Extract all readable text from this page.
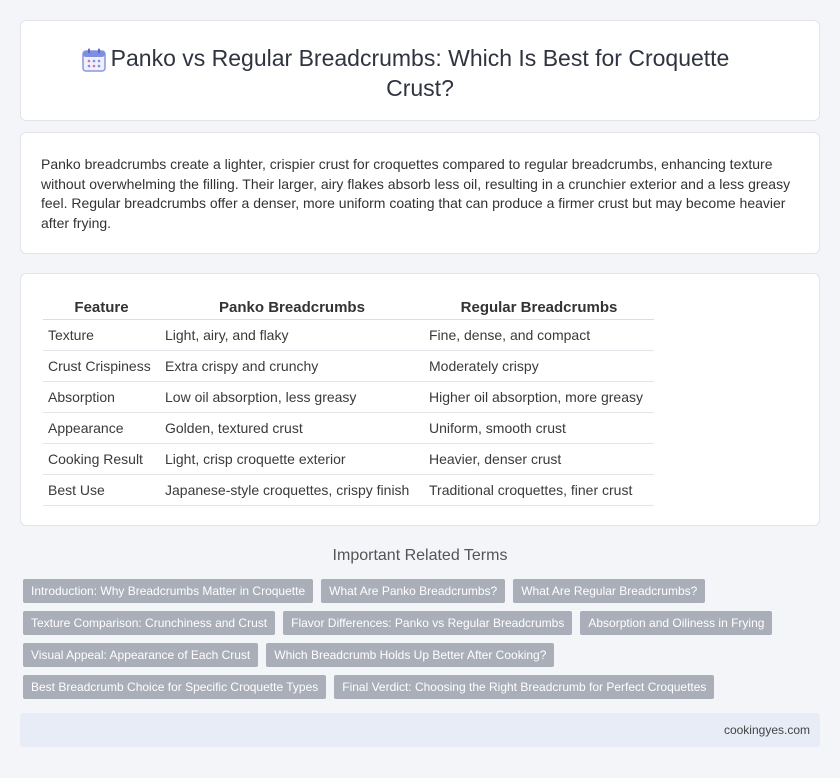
Panko vs Regular Breadcrumbs: Which Is Best for Croquette Crust?

Panko breadcrumbs create a lighter, crispier crust for croquettes compared to regular breadcrumbs, enhancing texture without overwhelming the filling. Their larger, airy flakes absorb less oil, resulting in a crunchier exterior and a less greasy feel. Regular breadcrumbs offer a denser, more uniform coating that can produce a firmer crust but may become heavier after frying.

Feature	Panko Breadcrumbs	Regular Breadcrumbs
Texture	Light, airy, and flaky	Fine, dense, and compact
Crust Crispiness	Extra crispy and crunchy	Moderately crispy
Absorption	Low oil absorption, less greasy	Higher oil absorption, more greasy
Appearance	Golden, textured crust	Uniform, smooth crust
Cooking Result	Light, crisp croquette exterior	Heavier, denser crust
Best Use	Japanese-style croquettes, crispy finish	Traditional croquettes, finer crust
Important Related Terms
Introduction: Why Breadcrumbs Matter in Croquette	What Are Panko Breadcrumbs?	What Are Regular Breadcrumbs?
Texture Comparison: Crunchiness and Crust	Flavor Differences: Panko vs Regular Breadcrumbs	Absorption and Oiliness in Frying
Visual Appeal: Appearance of Each Crust	Which Breadcrumb Holds Up Better After Cooking?
Best Breadcrumb Choice for Specific Croquette Types	Final Verdict: Choosing the Right Breadcrumb for Perfect Croquettes
cookingyes.com
